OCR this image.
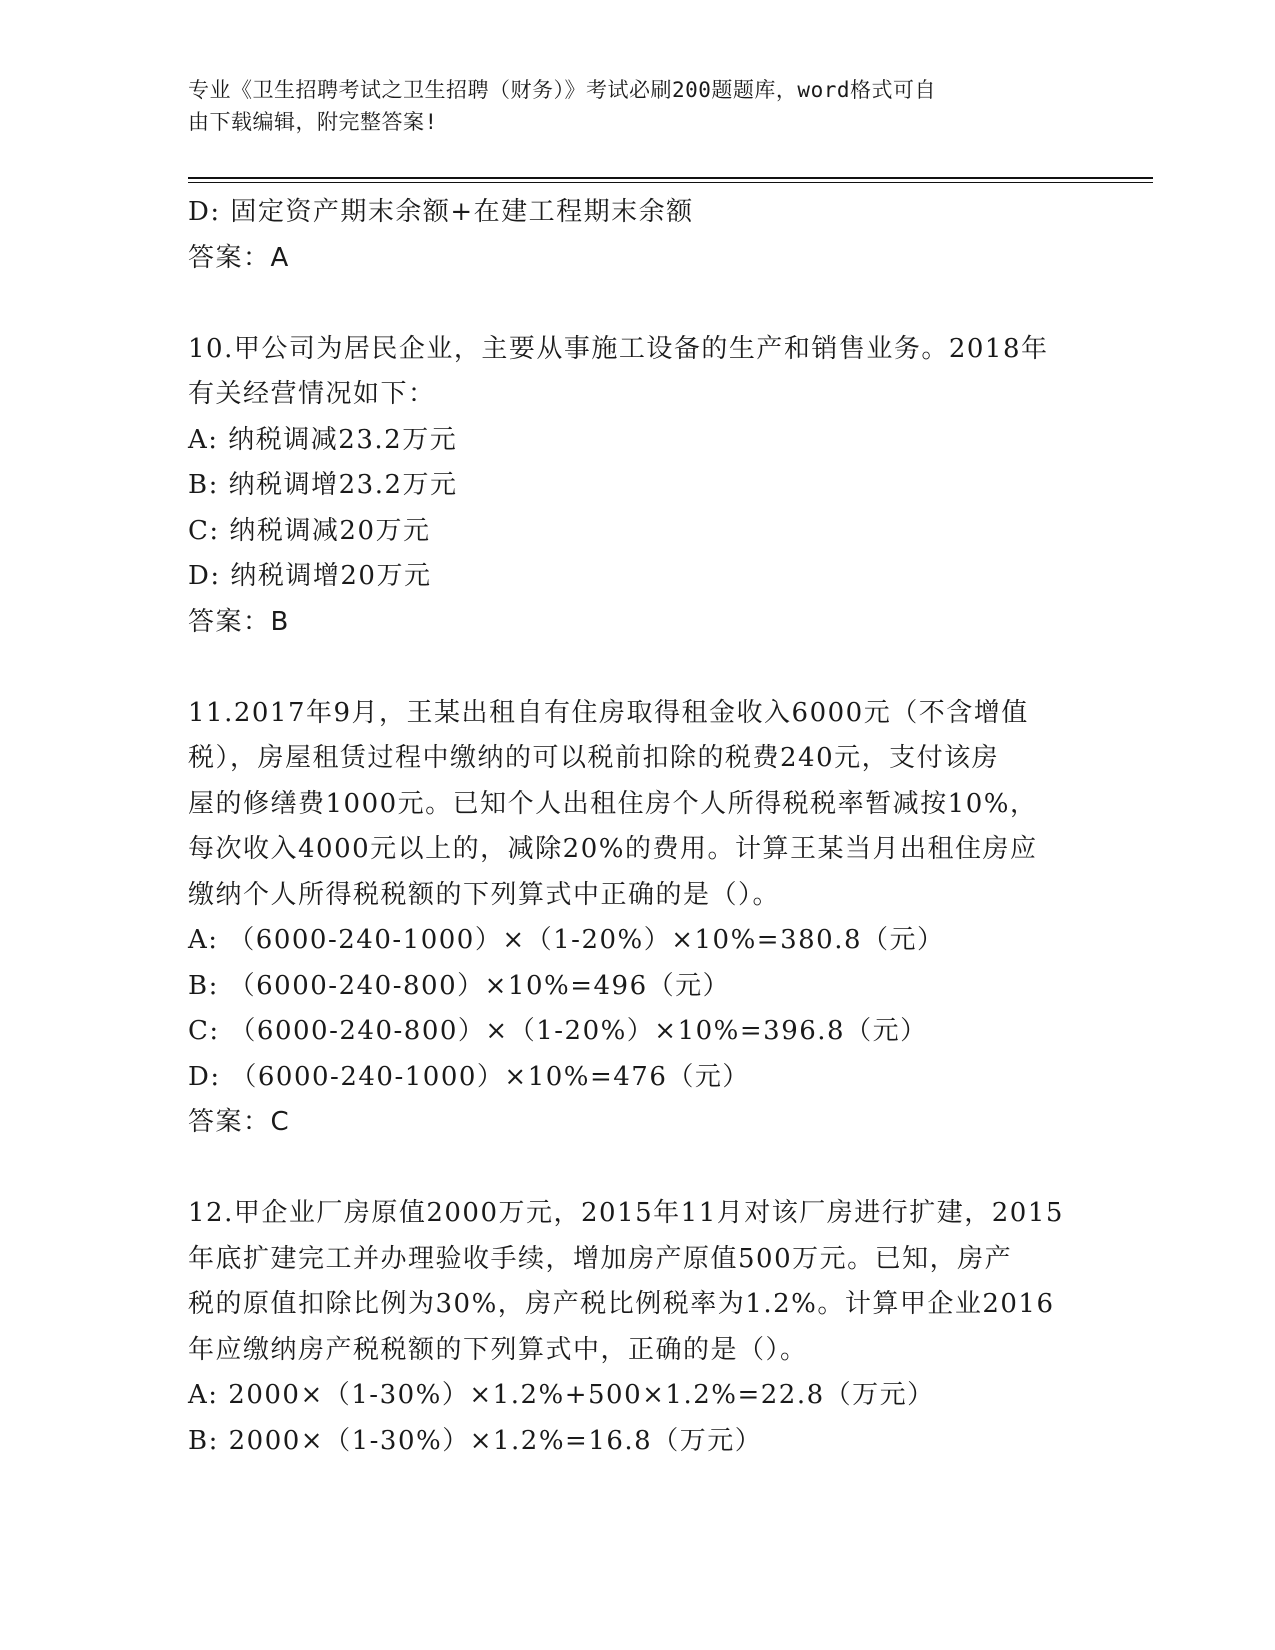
专业《卫生招聘考试之卫生招聘（财务）》考试必刷200题题库，word格式可自
由下载编辑，附完整答案!

D: 固定资产期末余额+在建工程期末余额

答案：A

10.甲公司为居民企业，主要从事施工设备的生产和销售业务。2018年

有关经营情况如下：

A: 纳税调减23.2万元

B: 纳税调增23.2万元

C: 纳税调减20万元

D: 纳税调增20万元

答案：B

11.2017年9月，王某出租自有住房取得租金收入6000元（不含增值

税），房屋租赁过程中缴纳的可以税前扣除的税费240元，支付该房

屋的修缮费1000元。已知个人出租住房个人所得税税率暂减按10%，

每次收入4000元以上的，减除20%的费用。计算王某当月出租住房应

缴纳个人所得税税额的下列算式中正确的是（）。

A: （6000-240-1000）×（1-20%）×10%=380.8（元）

B: （6000-240-800）×10%=496（元）

C: （6000-240-800）×（1-20%）×10%=396.8（元）

D: （6000-240-1000）×10%=476（元）

答案：C

12.甲企业厂房原值2000万元，2015年11月对该厂房进行扩建，2015

年底扩建完工并办理验收手续，增加房产原值500万元。已知，房产

税的原值扣除比例为30%，房产税比例税率为1.2%。计算甲企业2016

年应缴纳房产税税额的下列算式中，正确的是（）。

A: 2000×（1-30%）×1.2%+500×1.2%=22.8（万元）

B: 2000×（1-30%）×1.2%=16.8（万元）
